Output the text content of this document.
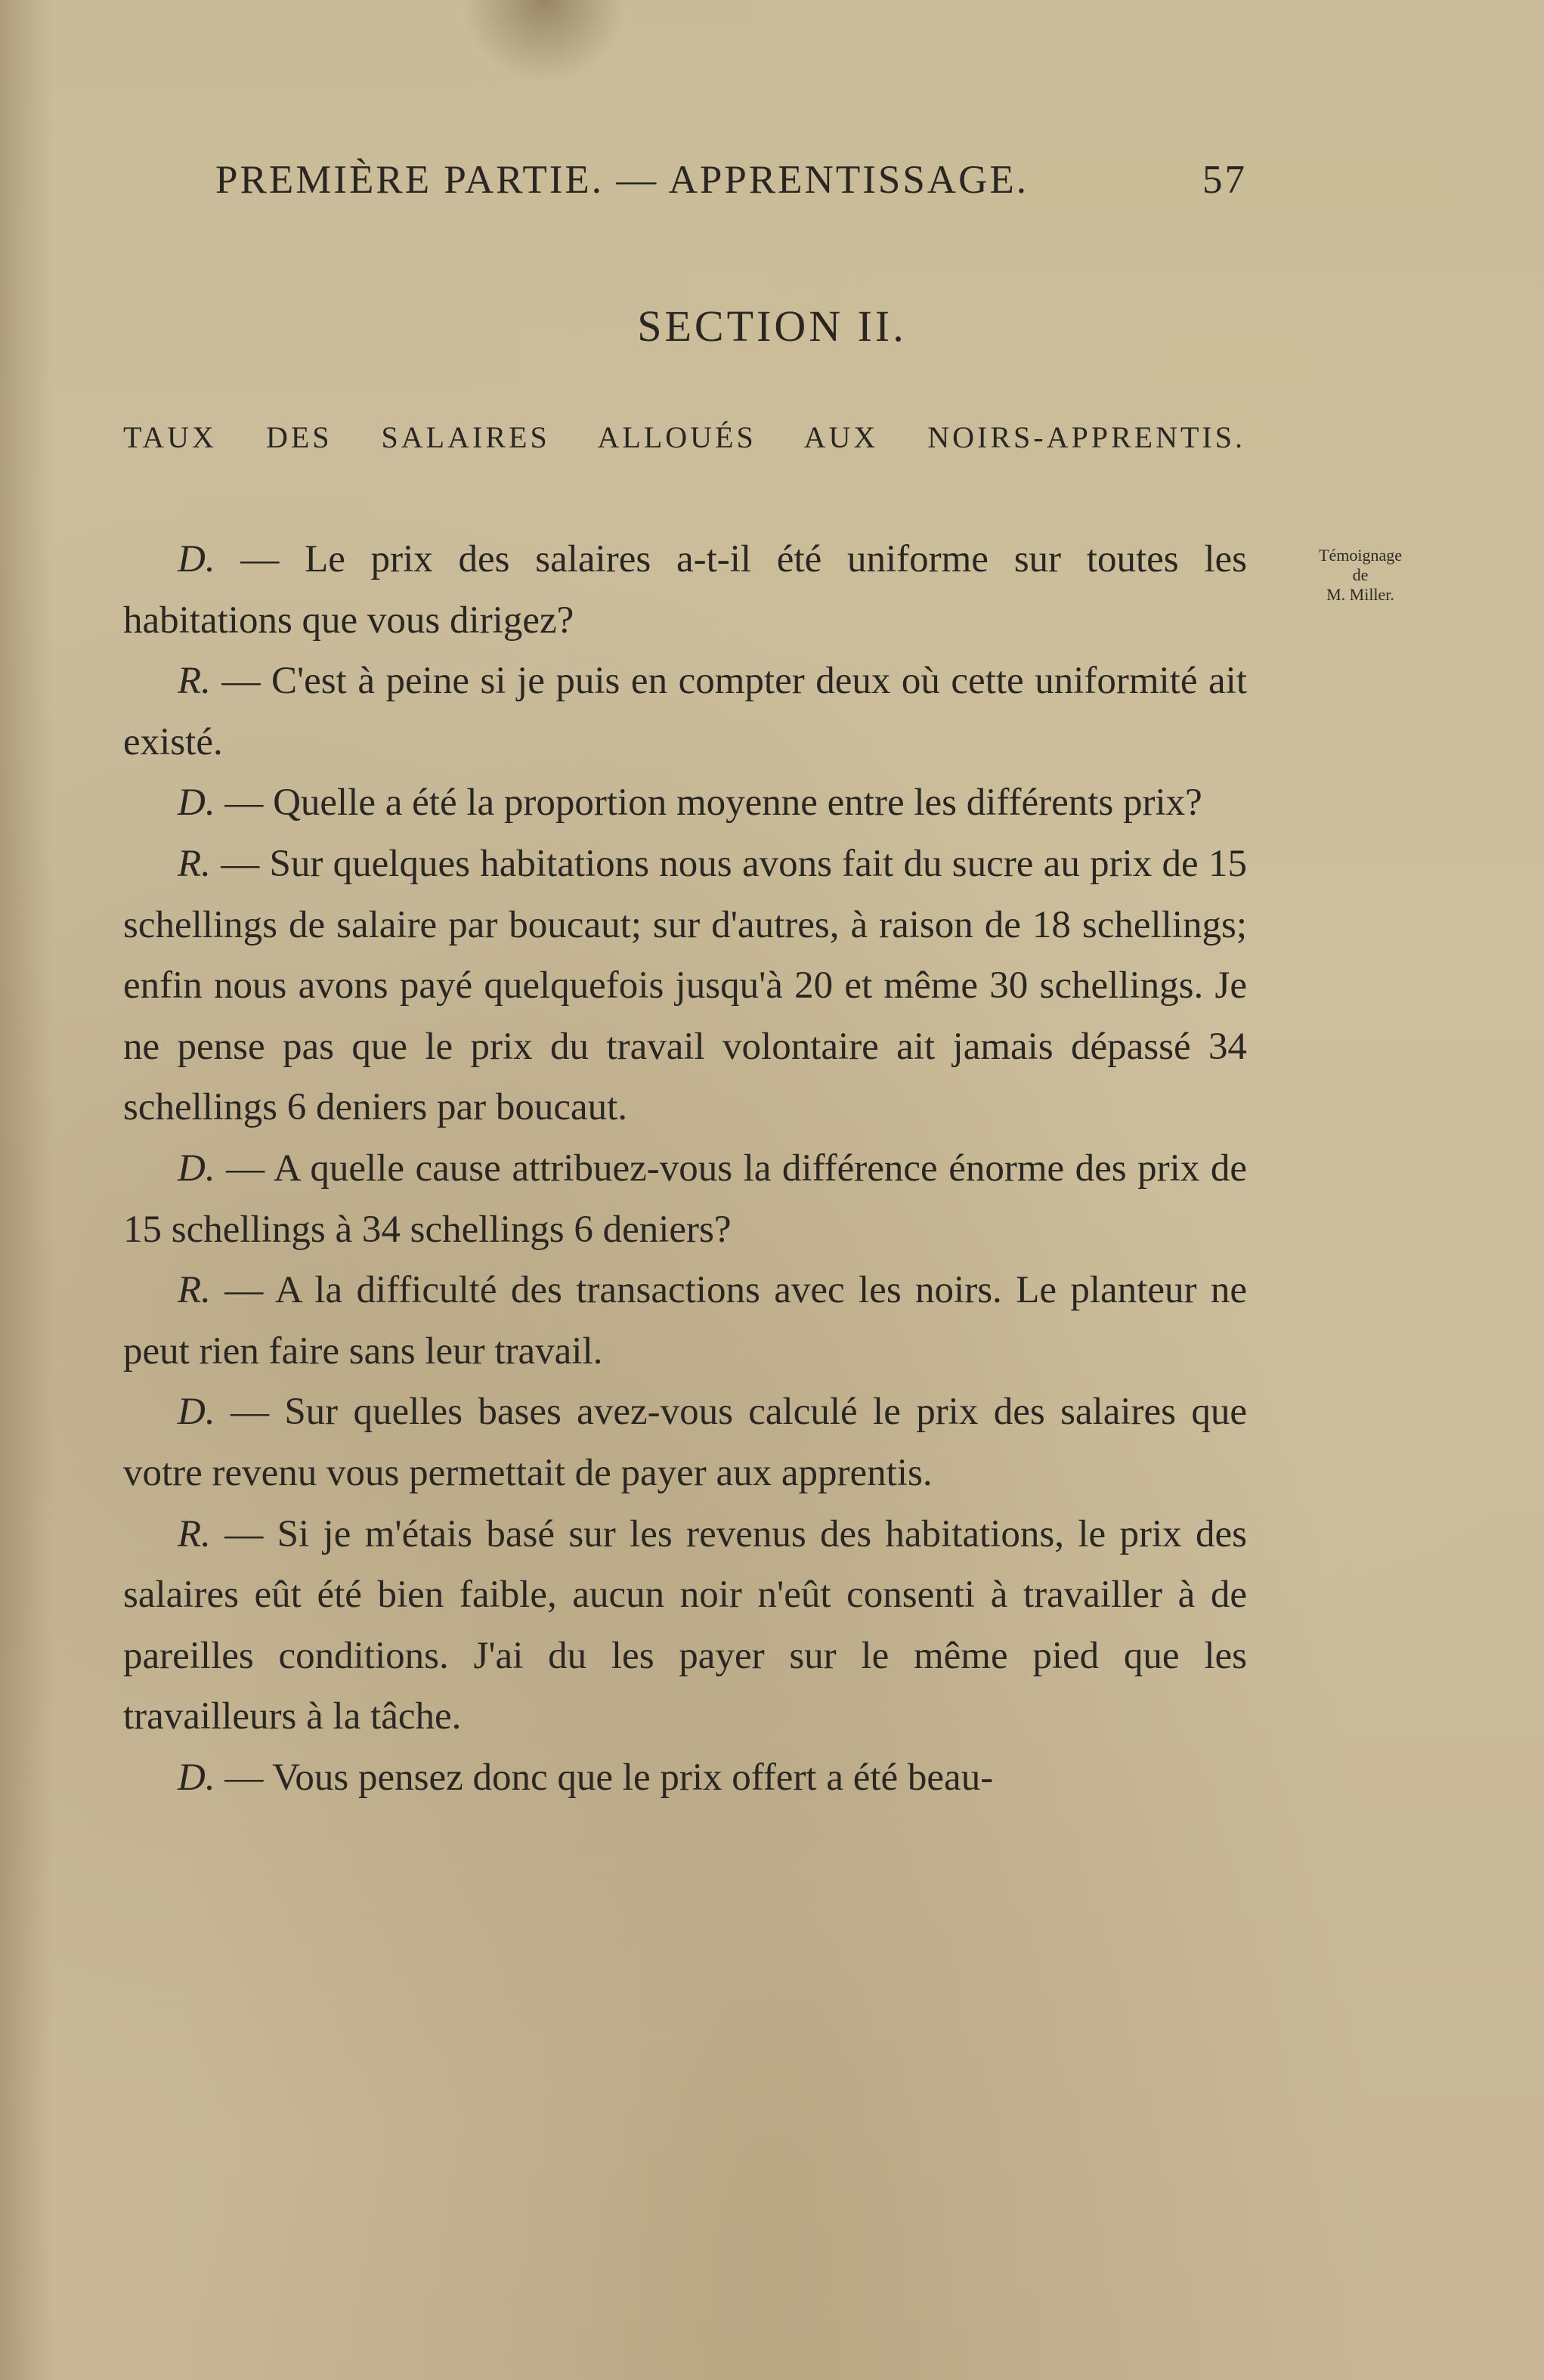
PREMIÈRE PARTIE. — APPRENTISSAGE.	57
SECTION II.
TAUX DES SALAIRES ALLOUÉS AUX NOIRS-APPRENTIS.
Témoignage
de
M. Miller.

D. — Le prix des salaires a-t-il été uniforme sur toutes les habitations que vous dirigez?

R. — C'est à peine si je puis en compter deux où cette uniformité ait existé.

D. — Quelle a été la proportion moyenne entre les différents prix?

R. — Sur quelques habitations nous avons fait du sucre au prix de 15 schellings de salaire par boucaut; sur d'autres, à raison de 18 schellings; enfin nous avons payé quelquefois jusqu'à 20 et même 30 schellings. Je ne pense pas que le prix du travail volontaire ait jamais dépassé 34 schellings 6 deniers par boucaut.

D. — A quelle cause attribuez-vous la différence énorme des prix de 15 schellings à 34 schellings 6 deniers?

R. — A la difficulté des transactions avec les noirs. Le planteur ne peut rien faire sans leur travail.

D. — Sur quelles bases avez-vous calculé le prix des salaires que votre revenu vous permettait de payer aux apprentis.

R. — Si je m'étais basé sur les revenus des habitations, le prix des salaires eût été bien faible, aucun noir n'eût consenti à travailler à de pareilles conditions. J'ai du les payer sur le même pied que les travailleurs à la tâche.

D. — Vous pensez donc que le prix offert a été beau-
